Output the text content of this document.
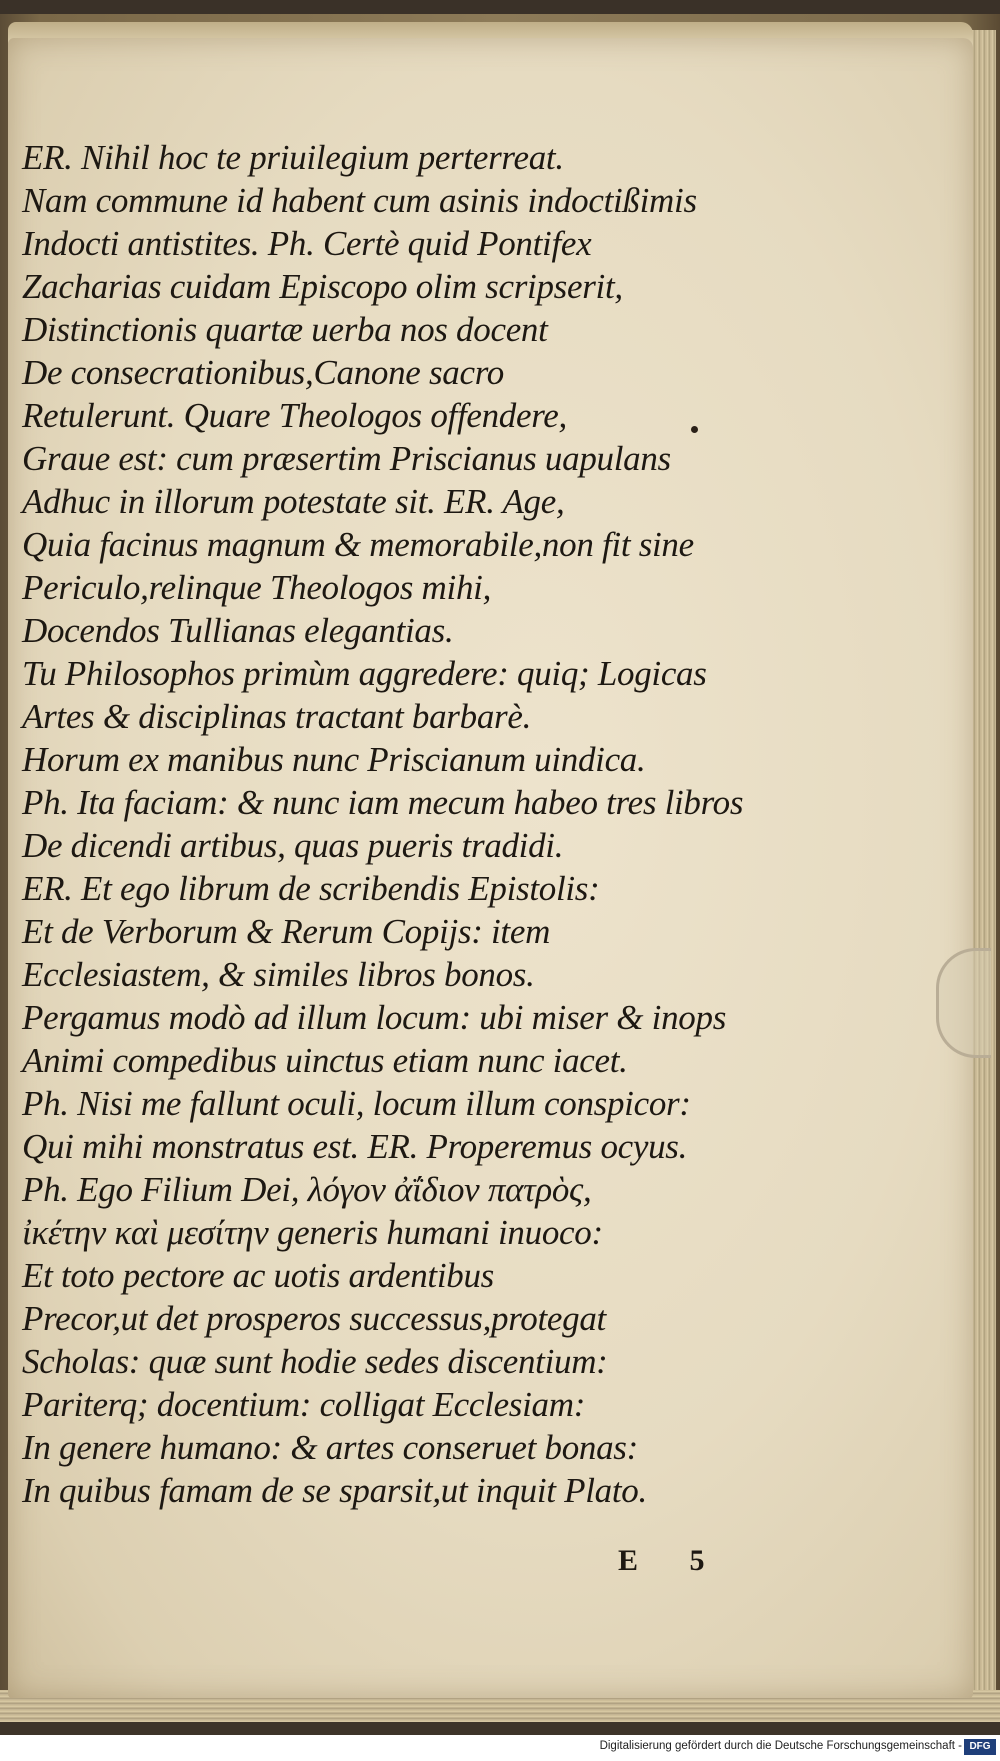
ER. Nihil hoc te priuilegium perterreat.
Nam commune id habent cum asinis indoctißimis
Indocti antistites. Ph. Certè quid Pontifex
Zacharias cuidam Episcopo olim scripserit,
Distinctionis quartæ uerba nos docent
De consecrationibus,Canone sacro
Retulerunt. Quare Theologos offendere,
Graue est: cum præsertim Priscianus uapulans
Adhuc in illorum potestate sit. ER. Age,
Quia facinus magnum & memorabile,non fit sine
Periculo,relinque Theologos mihi,
Docendos Tullianas elegantias.
Tu Philosophos primùm aggredere: quiq; Logicas
Artes & disciplinas tractant barbarè.
Horum ex manibus nunc Priscianum uindica.
Ph. Ita faciam: & nunc iam mecum habeo tres libros
De dicendi artibus, quas pueris tradidi.
ER. Et ego librum de scribendis Epistolis:
Et de Verborum & Rerum Copijs: item
Ecclesiastem, & similes libros bonos.
Pergamus modò ad illum locum: ubi miser & inops
Animi compedibus uinctus etiam nunc iacet.
Ph. Nisi me fallunt oculi, locum illum conspicor:
Qui mihi monstratus est. ER. Properemus ocyus.
Ph. Ego Filium Dei, λόγον ἀΐδιον πατρὸς,
ἰκέτην καὶ μεσίτην generis humani inuoco:
Et toto pectore ac uotis ardentibus
Precor,ut det prosperos successus,protegat
Scholas: quæ sunt hodie sedes discentium:
Pariterq; docentium: colligat Ecclesiam:
In genere humano: & artes conseruet bonas:
In quibus famam de se sparsit,ut inquit Plato.
E 5
Digitalisierung gefördert durch die Deutsche Forschungsgemeinschaft - DFG
